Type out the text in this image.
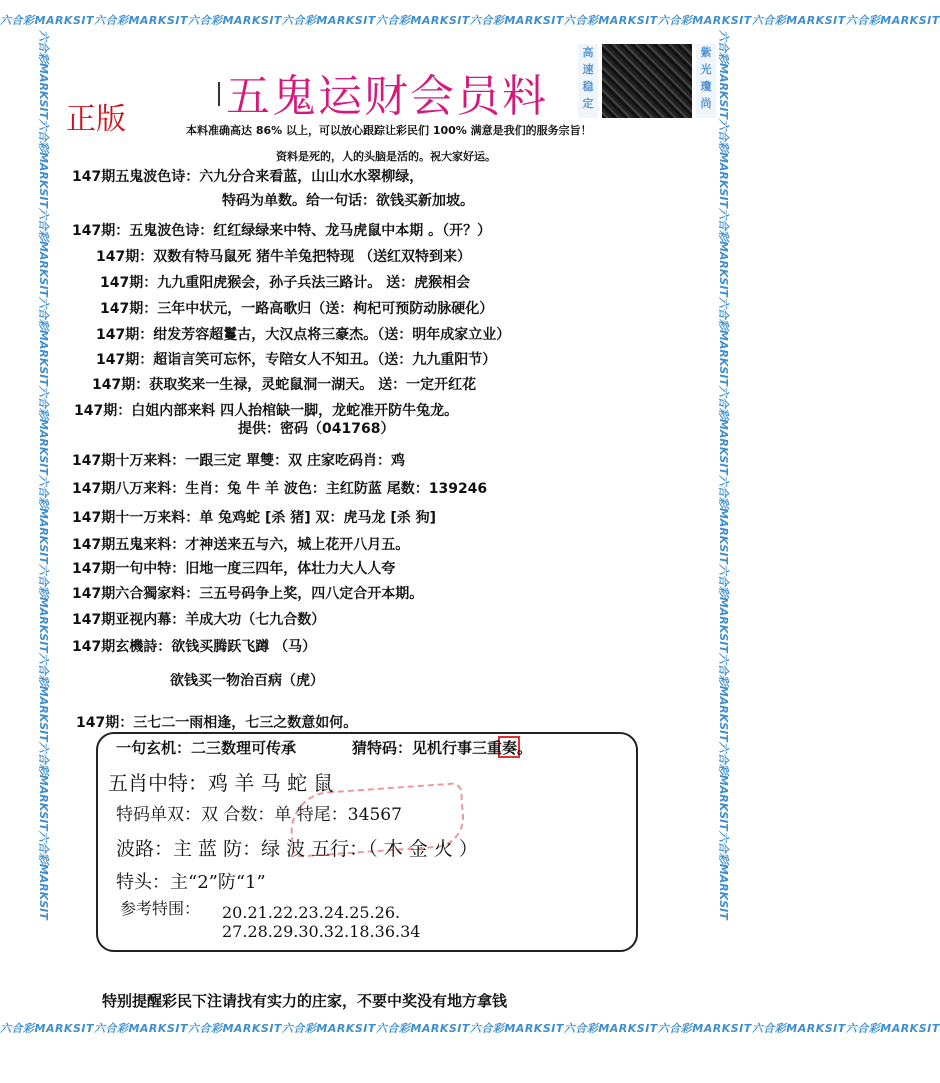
六合彩MARKSIT六合彩MARKSIT六合彩MARKSIT六合彩MARKSIT六合彩MARKSIT六合彩MARKSIT六合彩MARKSIT六合彩MARKSIT六合彩MARKSIT六合彩MARKSIT
六合彩MARKSIT六合彩MARKSIT六合彩MARKSIT六合彩MARKSIT六合彩MARKSIT六合彩MARKSIT六合彩MARKSIT六合彩MARKSIT六合彩MARKSIT六合彩MARKSIT
六合彩MARKSIT六合彩MARKSIT六合彩MARKSIT六合彩MARKSIT六合彩MARKSIT六合彩MARKSIT六合彩MARKSIT六合彩MARKSIT六合彩MARKSIT六合彩MARKSIT	六合彩MARKSIT六合彩MARKSIT六合彩MARKSIT六合彩MARKSIT六合彩MARKSIT六合彩MARKSIT六合彩MARKSIT六合彩MARKSIT六合彩MARKSIT六合彩MARKSIT
高速稳定
紫光瓊尚
五鬼运财会员料
正版	本料准确高达 86% 以上，可以放心跟踪让彩民们 100% 满意是我们的服务宗旨！
资料是死的，人的头脑是活的。祝大家好运。
147期五鬼波色诗：六九分合来看蓝，山山水水翠柳绿，
特码为单数。给一句话：欲钱买新加坡。
147期：五鬼波色诗：红红绿绿来中特、龙马虎鼠中本期 。（开？）
147期：双数有特马鼠死 猪牛羊兔把特现 （送红双特到来）
147期：九九重阳虎猴会，孙子兵法三路计。 送：虎猴相会
147期：三年中状元，一路高歌归（送：枸杞可预防动脉硬化）
147期：绀发芳容超鬘古，大汉点将三豪杰。（送：明年成家立业）
147期：超诣言笑可忘怀，专陪女人不知丑。（送：九九重阳节）
147期：获取奖来一生禄，灵蛇鼠洞一湖天。 送：一定开红花
147期：白姐内部来料 四人抬棺缺一脚，龙蛇准开防牛兔龙。
提供：密码（041768）
147期十万来料：一跟三定 單雙：双 庄家吃码肖：鸡
147期八万来料：生肖：兔 牛 羊 波色：主红防蓝 尾数：139246
147期十一万来料：单 兔鸡蛇 [杀 猪] 双：虎马龙 [杀 狗]
147期五鬼来料：才神送来五与六，城上花开八月五。
147期一句中特：旧地一度三四年，体壮力大人人夸
147期六合獨家料：三五号码争上奖，四八定合开本期。
147期亚视内幕：羊成大功（七九合数）
147期玄機詩：欲钱买腾跃飞蹲 （马）
欲钱买一物治百病（虎）
147期：三七二一雨相逢，七三之数意如何。
一句玄机：二三数理可传承	猜特码：见机行事三重奏。
五肖中特：鸡 羊 马 蛇 鼠
特码单双：双 合数：单 特尾：34567
波路：主 蓝 防：绿 波 五行：（ 木 金 火 ）
特头：主“2”防“1”
参考特围： 20.21.22.23.24.25.26.
27.28.29.30.32.18.36.34
特别提醒彩民下注请找有实力的庄家，不要中奖没有地方拿钱
